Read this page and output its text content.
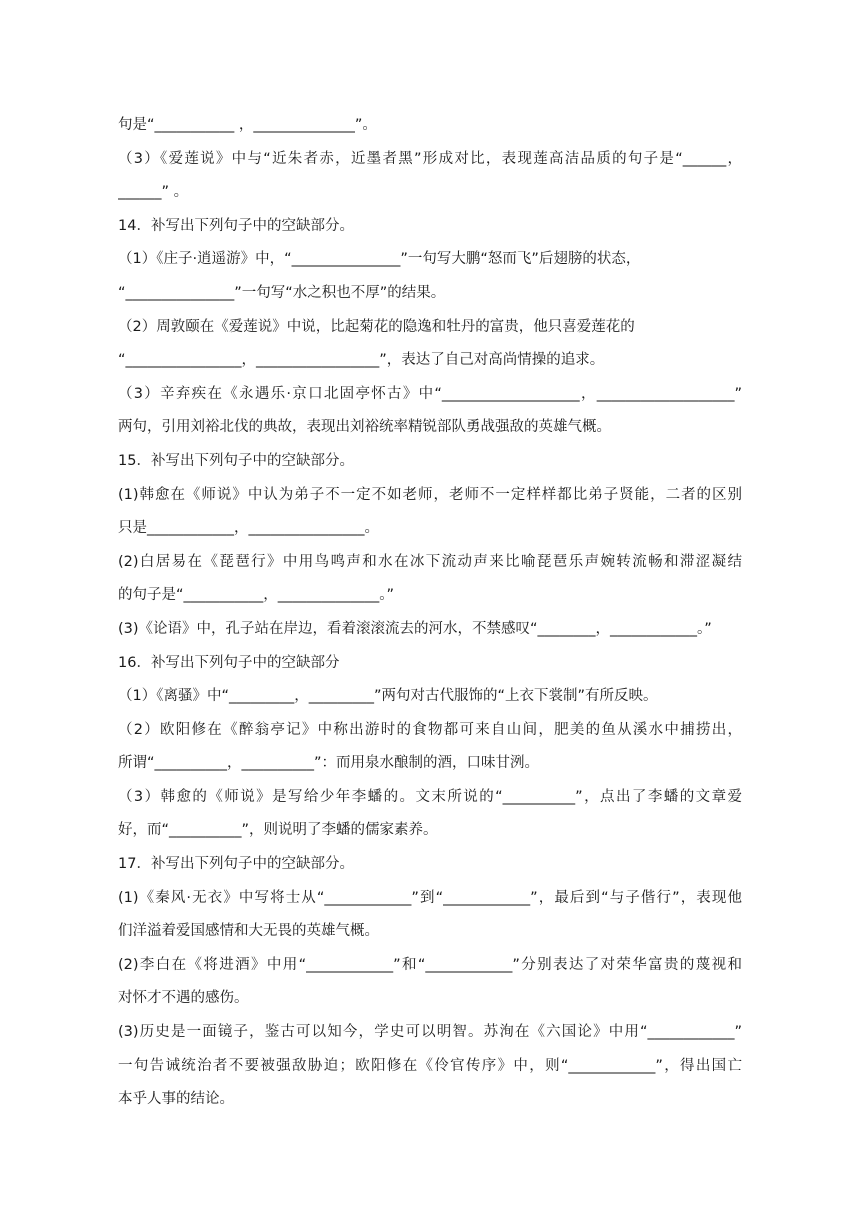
句是“___________ ，______________”。
（3）《爱莲说》中与“近朱者赤，近墨者黑”形成对比，表现莲高洁品质的句子是“______，
______” 。
14．补写出下列句子中的空缺部分。
（1）《庄子·逍遥游》中，“_______________”一句写大鹏“怒而飞”后翅膀的状态，
“_______________”一句写“水之积也不厚”的结果。
（2）周敦颐在《爱莲说》中说，比起菊花的隐逸和牡丹的富贵，他只喜爱莲花的
“________________，_________________”，表达了自己对高尚情操的追求。
（3）辛弃疾在《永遇乐·京口北固亭怀古》中“___________________，___________________”
两句，引用刘裕北伐的典故，表现出刘裕统率精锐部队勇战强敌的英雄气概。
15．补写出下列句子中的空缺部分。
(1)韩愈在《师说》中认为弟子不一定不如老师，老师不一定样样都比弟子贤能，二者的区别
只是____________，________________。
(2)白居易在《琵琶行》中用鸟鸣声和水在冰下流动声来比喻琵琶乐声婉转流畅和滞涩凝结
的句子是“___________，______________。”
(3)《论语》中，孔子站在岸边，看着滚滚流去的河水，不禁感叹“________，____________。”
16．补写出下列句子中的空缺部分
（1）《离骚》中“_________，_________”两句对古代服饰的“上衣下裳制”有所反映。
（2）欧阳修在《醉翁亭记》中称出游时的食物都可来自山间，肥美的鱼从溪水中捕捞出，
所谓“__________，__________”：而用泉水酿制的酒，口味甘洌。
（3）韩愈的《师说》是写给少年李蟠的。文末所说的“__________”，点出了李蟠的文章爱
好，而“__________”，则说明了李蟠的儒家素养。
17．补写出下列句子中的空缺部分。
(1)《秦风·无衣》中写将士从“____________”到“____________”，最后到“与子偕行”，表现他
们洋溢着爱国感情和大无畏的英雄气概。
(2)李白在《将进酒》中用“____________”和“____________”分别表达了对荣华富贵的蔑视和
对怀才不遇的感伤。
(3)历史是一面镜子，鉴古可以知今，学史可以明智。苏洵在《六国论》中用“____________”
一句告诫统治者不要被强敌胁迫；欧阳修在《伶官传序》中，则“____________”，得出国亡
本乎人事的结论。
